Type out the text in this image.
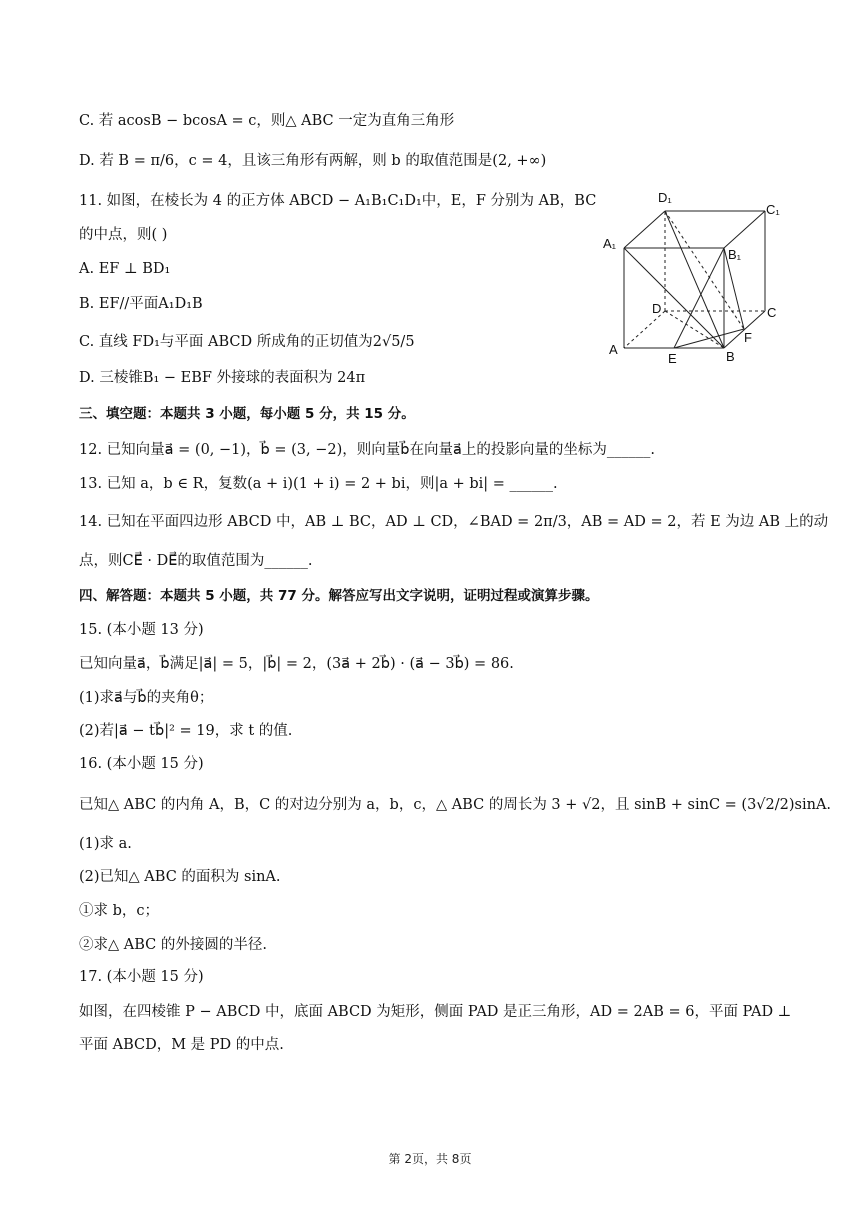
C. 若 acosB − bcosA = c，则△ ABC 一定为直角三角形
D. 若 B = π/6，c = 4，且该三角形有两解，则 b 的取值范围是(2, +∞)
11. 如图，在棱长为 4 的正方体 ABCD − A₁B₁C₁D₁中，E，F 分别为 AB，BC
的中点，则( )
A. EF ⊥ BD₁
B. EF//平面A₁D₁B
C. 直线 FD₁与平面 ABCD 所成角的正切值为2√5/5
D. 三棱锥B₁ − EBF 外接球的表面积为 24π
三、填空题：本题共 3 小题，每小题 5 分，共 15 分。
12. 已知向量a⃗ = (0, −1)，b⃗ = (3, −2)，则向量b⃗在向量a⃗上的投影向量的坐标为______.
13. 已知 a，b ∈ R，复数(a + i)(1 + i) = 2 + bi，则|a + bi| = ______.
14. 已知在平面四边形 ABCD 中，AB ⊥ BC，AD ⊥ CD，∠BAD = 2π/3，AB = AD = 2，若 E 为边 AB 上的动
点，则CE⃗ · DE⃗的取值范围为______.
四、解答题：本题共 5 小题，共 77 分。解答应写出文字说明，证明过程或演算步骤。
15. (本小题 13 分)
已知向量a⃗，b⃗满足|a⃗| = 5，|b⃗| = 2，(3a⃗ + 2b⃗) · (a⃗ − 3b⃗) = 86.
(1)求a⃗与b⃗的夹角θ；
(2)若|a⃗ − tb⃗|² = 19，求 t 的值.
16. (本小题 15 分)
已知△ ABC 的内角 A，B，C 的对边分别为 a，b，c，△ ABC 的周长为 3 + √2，且 sinB + sinC = (3√2/2)sinA.
(1)求 a.
(2)已知△ ABC 的面积为 sinA.
①求 b，c；
②求△ ABC 的外接圆的半径.
17. (本小题 15 分)
如图，在四棱锥 P − ABCD 中，底面 ABCD 为矩形，侧面 PAD 是正三角形，AD = 2AB = 6，平面 PAD ⊥
平面 ABCD，M 是 PD 的中点.
D₁
C₁
A₁
B₁
D	C
A	B
E
F
第 2页，共 8页
